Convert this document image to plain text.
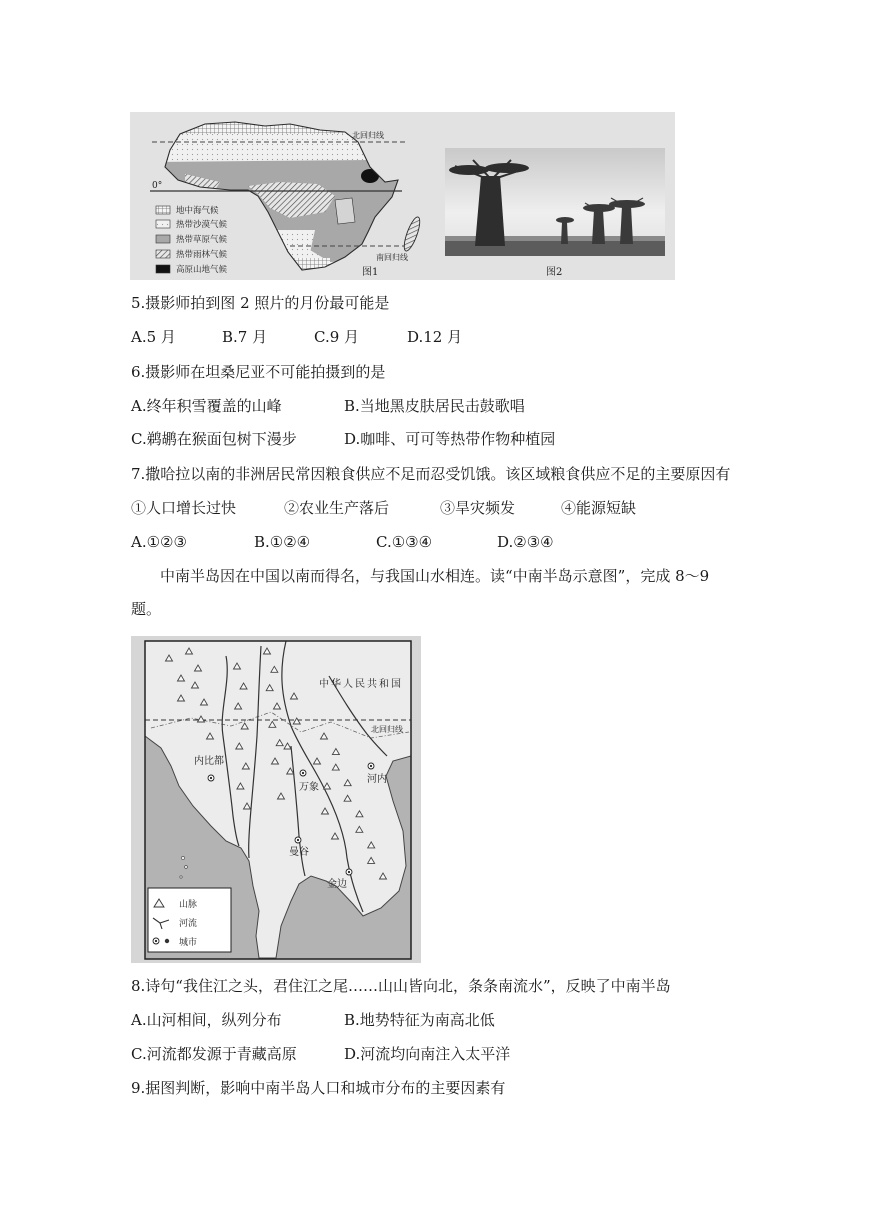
北回归线
0°
南回归线
地中海气候
热带沙漠气候
热带草原气候
热带雨林气候
高原山地气候	图1	图2
5.摄影师拍到图 2 照片的月份最可能是
A.5 月	B.7 月	C.9 月	D.12 月
6.摄影师在坦桑尼亚不可能拍摄到的是
A.终年积雪覆盖的山峰	B.当地黑皮肤居民击鼓歌唱
C.鹈鹕在猴面包树下漫步	D.咖啡、可可等热带作物种植园
7.撒哈拉以南的非洲居民常因粮食供应不足而忍受饥饿。该区域粮食供应不足的主要原因有
①人口增长过快	②农业生产落后	③旱灾频发	④能源短缺
A.①②③	B.①②④	C.①③④	D.②③④
中南半岛因在中国以南而得名，与我国山水相连。读“中南半岛示意图”，完成 8～9
题。
北回归线
中华人民共和国
内比都
河内
万象
曼谷
金边
山脉
河流
城市
8.诗句“我住江之头，君住江之尾……山山皆向北，条条南流水”，反映了中南半岛
A.山河相间，纵列分布	B.地势特征为南高北低
C.河流都发源于青藏高原	D.河流均向南注入太平洋
9.据图判断，影响中南半岛人口和城市分布的主要因素有
